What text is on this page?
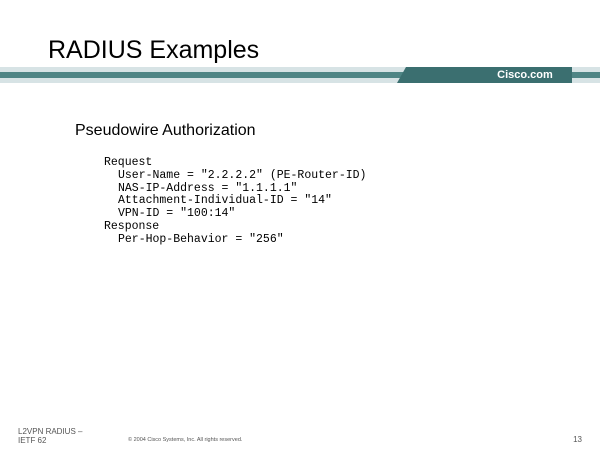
RADIUS Examples
Cisco.com
Pseudowire Authorization
Request
User-Name = "2.2.2.2" (PE-Router-ID)
NAS-IP-Address = "1.1.1.1"
Attachment-Individual-ID = "14"
VPN-ID = "100:14"
Response
Per-Hop-Behavior = "256"
L2VPN RADIUS –
IETF 62	© 2004 Cisco Systems, Inc. All rights reserved.	13
